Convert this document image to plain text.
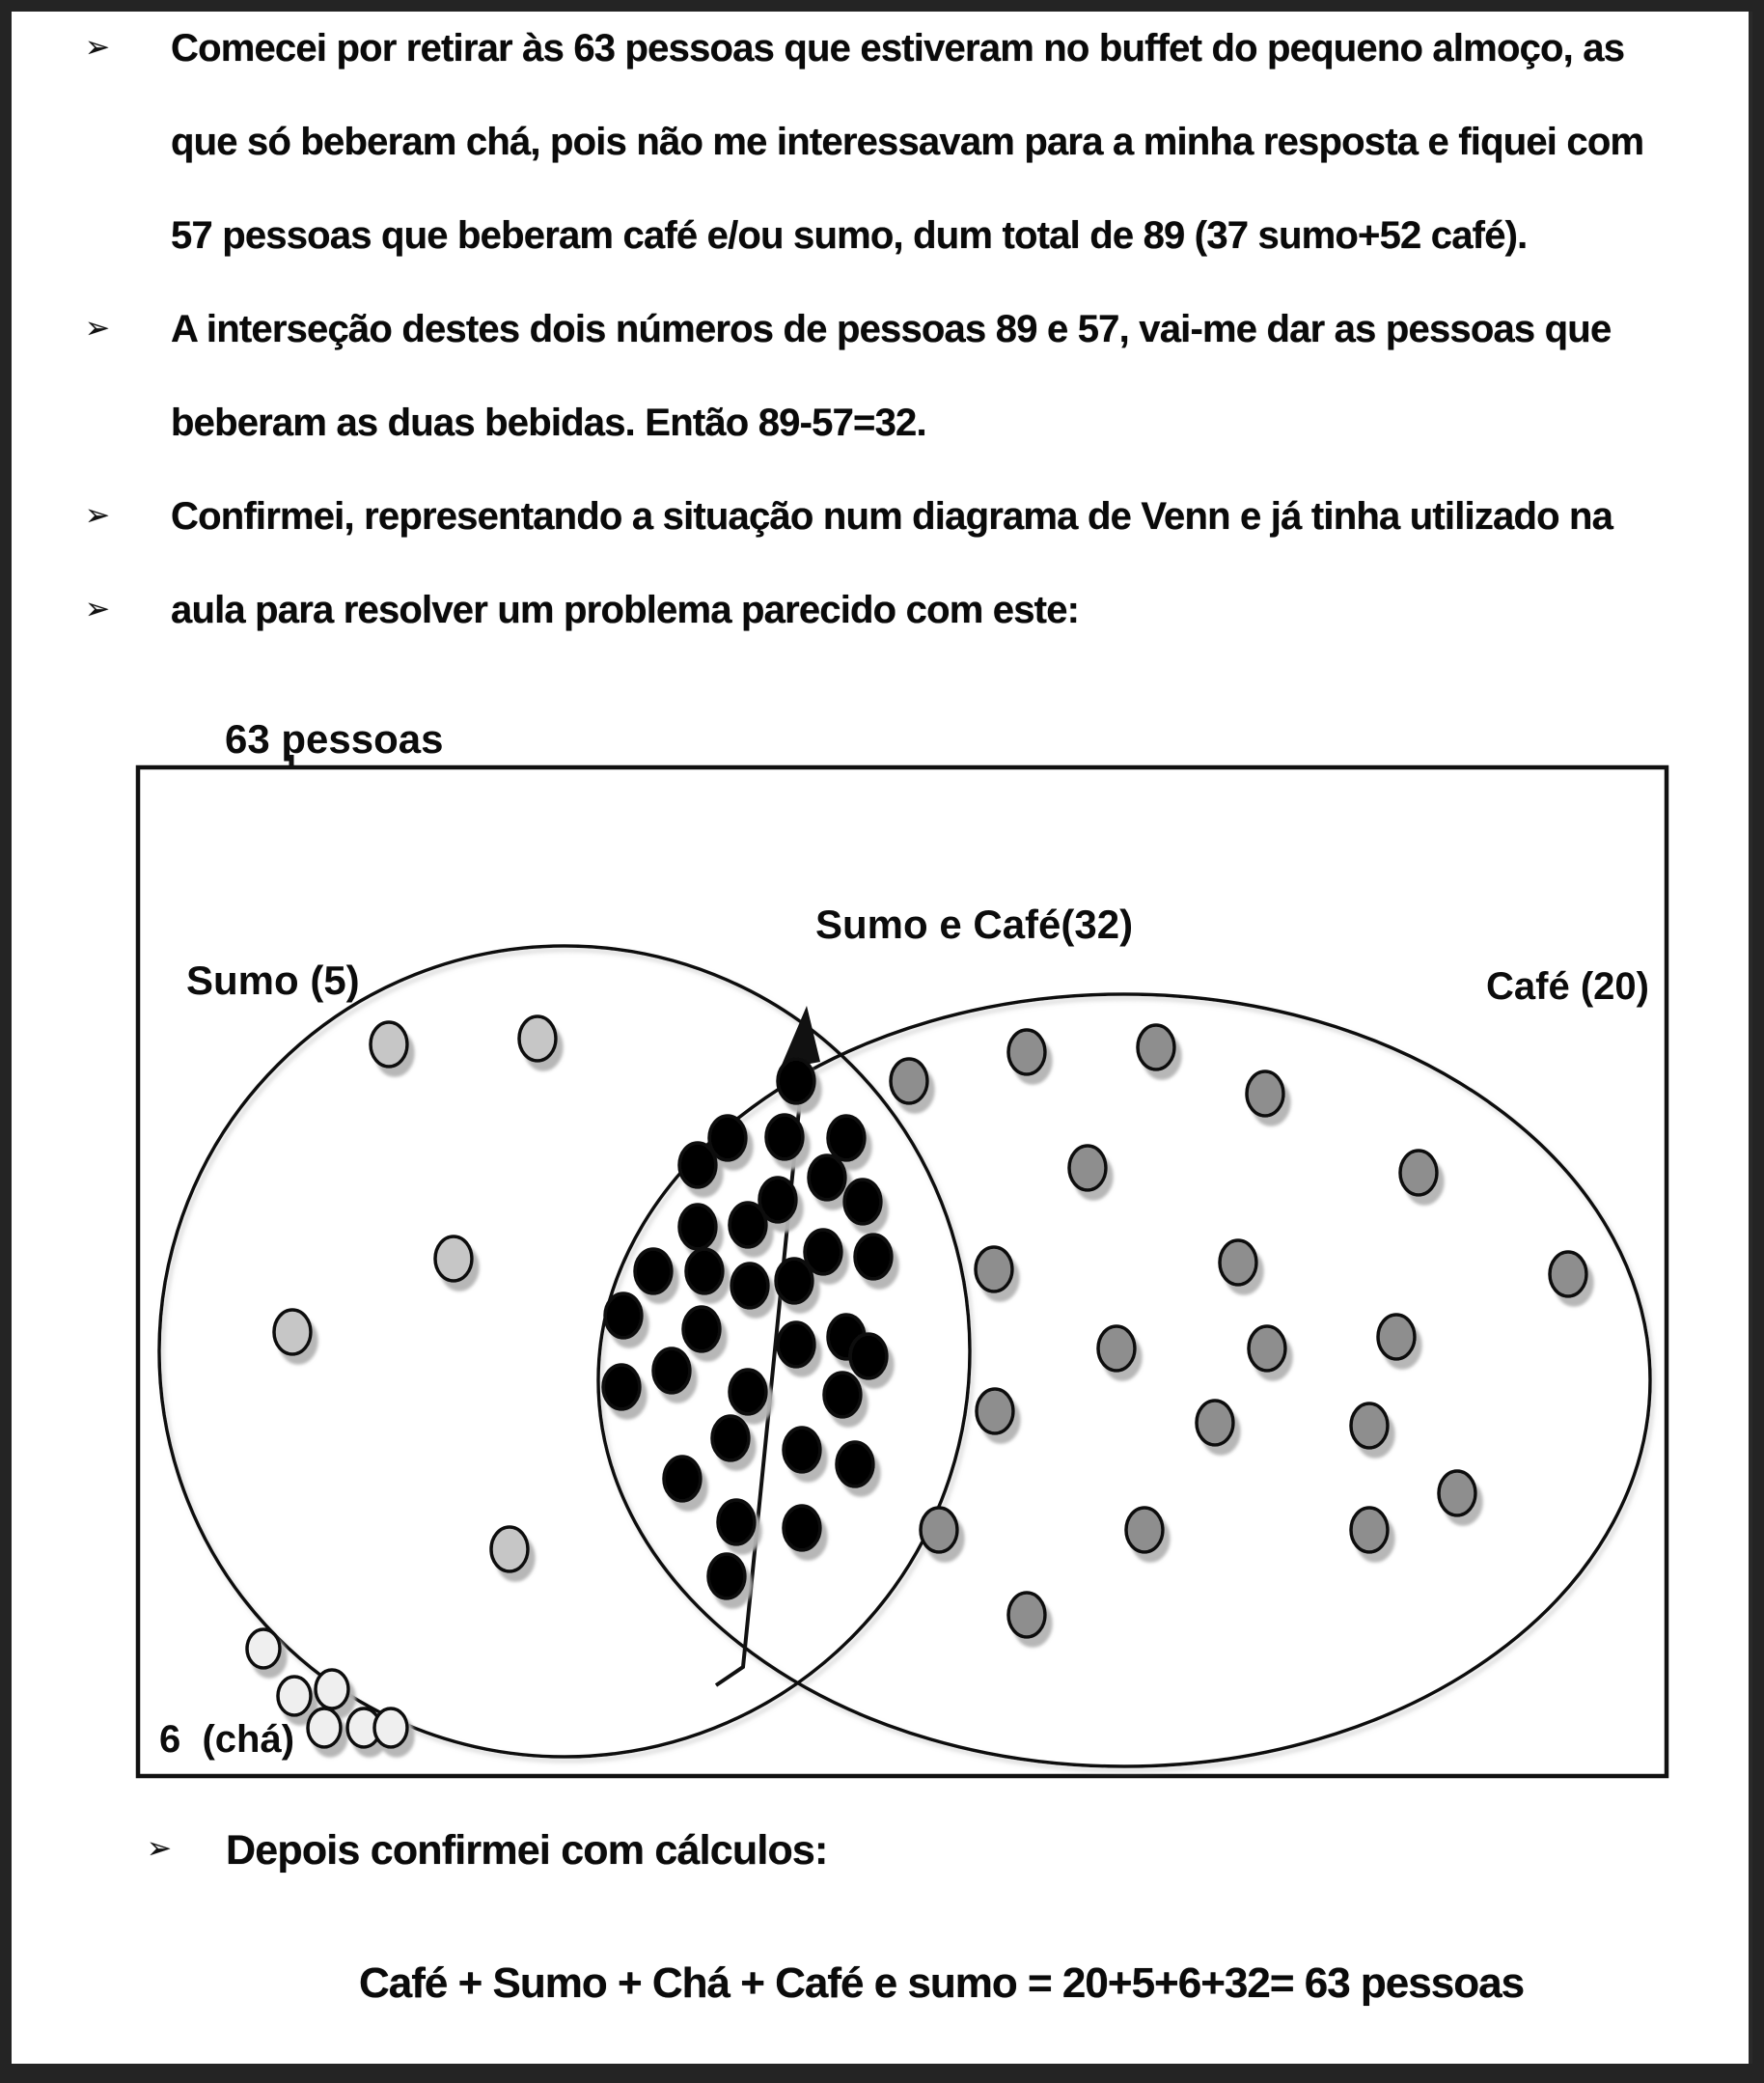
➢	Comecei por retirar às 63 pessoas que estiveram no buffet do pequeno almoço, as
que só beberam chá, pois não me interessavam para a minha resposta e fiquei com
57 pessoas que beberam café e/ou sumo, dum total de 89 (37 sumo+52 café).
➢	A interseção destes dois números de pessoas 89 e 57, vai-me dar as pessoas que
beberam as duas bebidas. Então 89-57=32.
➢	Confirmei, representando a situação num diagrama de Venn e já tinha utilizado na
➢	aula para resolver um problema parecido com este:
63 pessoas
Sumo (5)
Sumo e Café(32)
Café (20)
6  (chá)
➢	Depois confirmei com cálculos:
Café + Sumo + Chá + Café e sumo = 20+5+6+32= 63 pessoas
